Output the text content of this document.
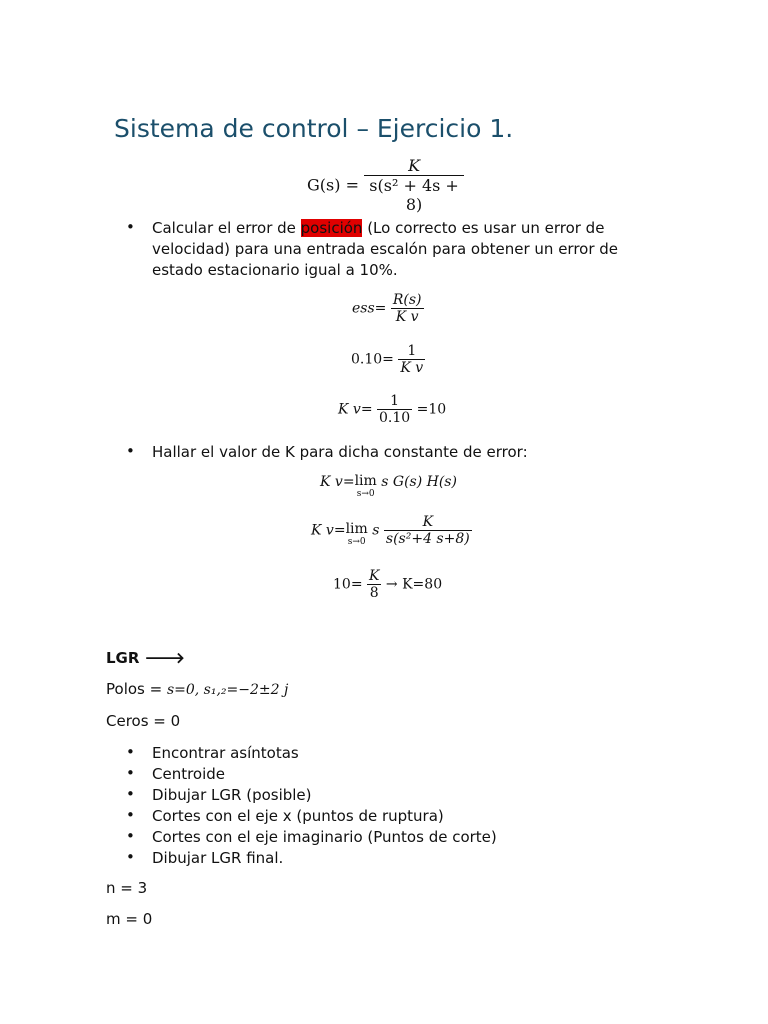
Sistema de control – Ejercicio 1.
$G(s) = \frac{K}{\text{s(s² + 4s + 8)}}$
Calcular el error de posición (Lo correcto es usar un error de
velocidad) para una entrada escalón para obtener un error de
estado estacionario igual a 10%.
$ess= \frac{R(s)}{\text{K v}}$
$0.10= \frac{1}{\text{K v}}$
K $v= \frac{1}{0.10} =10$
Hallar el valor de K para dicha constante de error:
K v=lim
s→0
s G(s) H(s)
K v=lim
s→0
s $\frac{K}{\text{s(s²+4 s+8)}}$
$10= \frac{K}{8} \to K=80$
LGR 🡒
Polos = s=0, s₁,₂=−2±2 j
Ceros = 0
Encontrar asíntotas
Centroide
Dibujar LGR (posible)
Cortes con el eje x (puntos de ruptura)
Cortes con el eje imaginario (Puntos de corte)
Dibujar LGR final.
n = 3
m = 0
